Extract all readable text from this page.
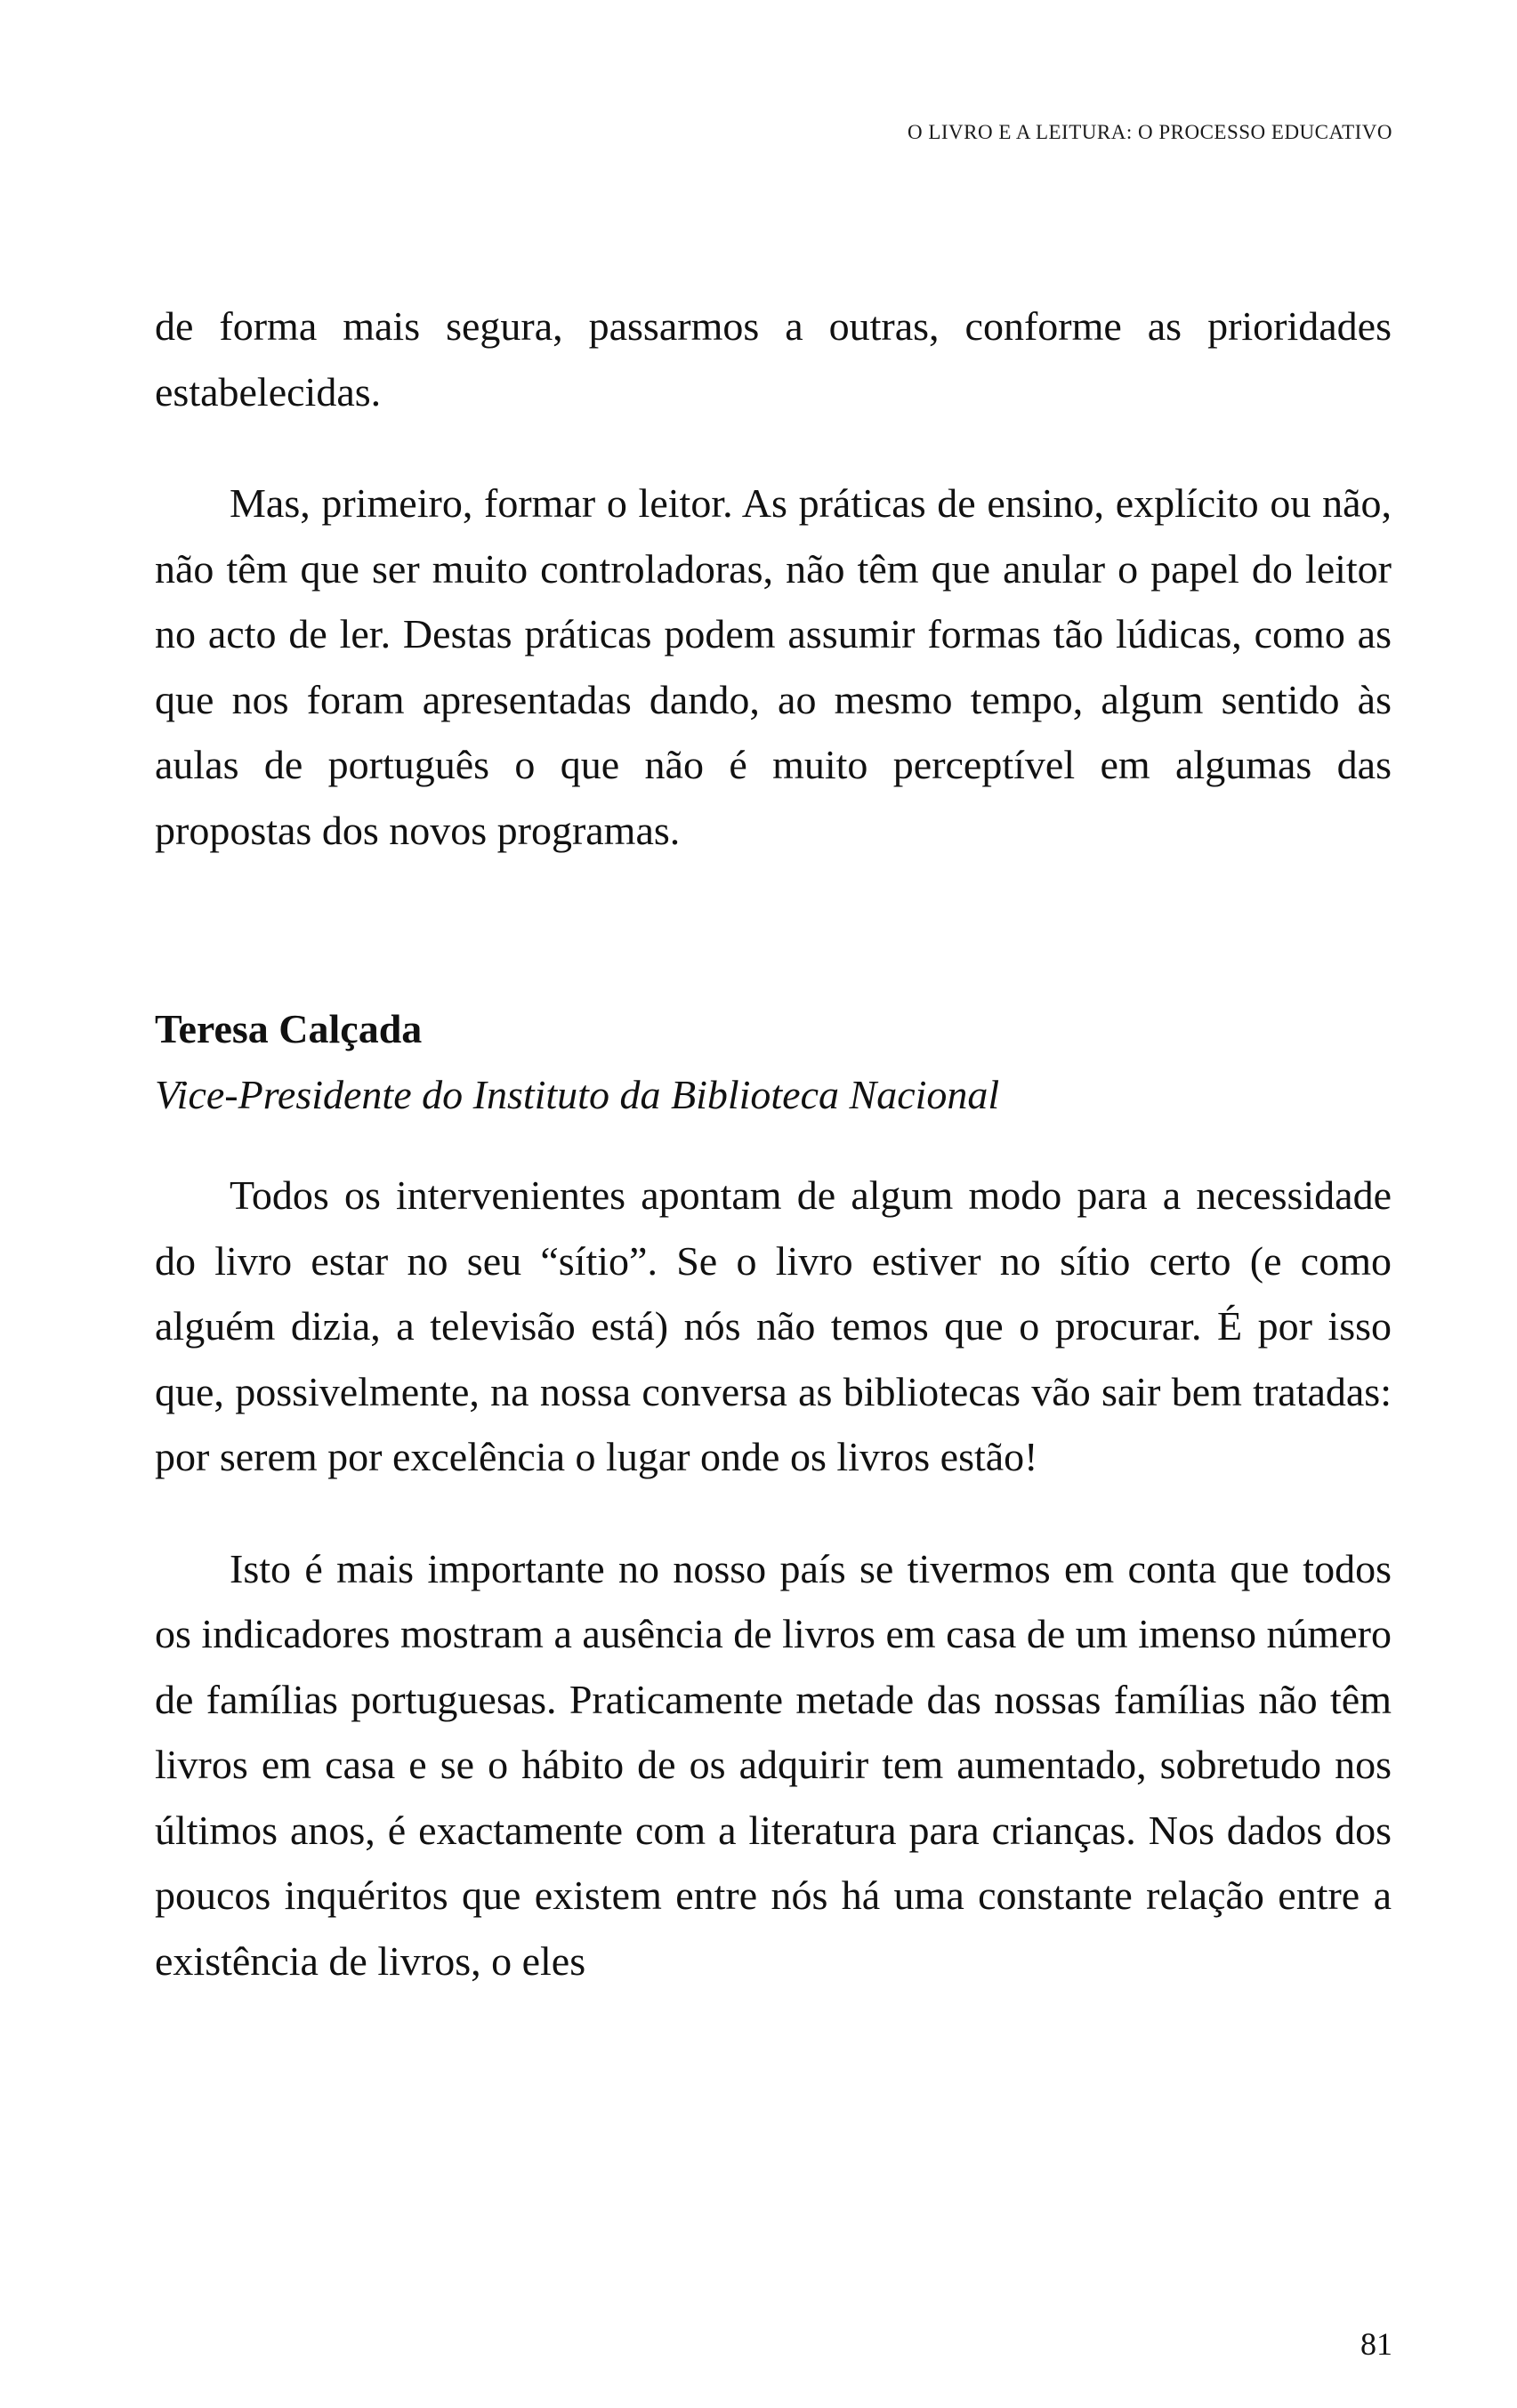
O LIVRO E A LEITURA: O PROCESSO EDUCATIVO

de forma mais segura, passarmos a outras, conforme as prioridades estabelecidas.

Mas, primeiro, formar o leitor. As práticas de ensino, explícito ou não, não têm que ser muito controladoras, não têm que anular o papel do leitor no acto de ler. Destas práticas podem assumir formas tão lúdicas, como as que nos foram apresentadas dando, ao mesmo tempo, algum sentido às aulas de português o que não é muito perceptível em algumas das propostas dos novos programas.

Teresa Calçada

Vice-Presidente do Instituto da Biblioteca Nacional

Todos os intervenientes apontam de algum modo para a necessidade do livro estar no seu “sítio”. Se o livro estiver no sítio certo (e como alguém dizia, a televisão está) nós não temos que o procurar. É por isso que, possivelmente, na nossa conversa as bibliotecas vão sair bem tratadas: por serem por excelência o lugar onde os livros estão!

Isto é mais importante no nosso país se tivermos em conta que todos os indicadores mostram a ausência de livros em casa de um imenso número de famílias portuguesas. Praticamente metade das nossas famílias não têm livros em casa e se o hábito de os adquirir tem aumentado, sobretudo nos últimos anos, é exactamente com a literatura para crianças. Nos dados dos poucos inquéritos que existem entre nós há uma constante relação entre a existência de livros, o eles

81
